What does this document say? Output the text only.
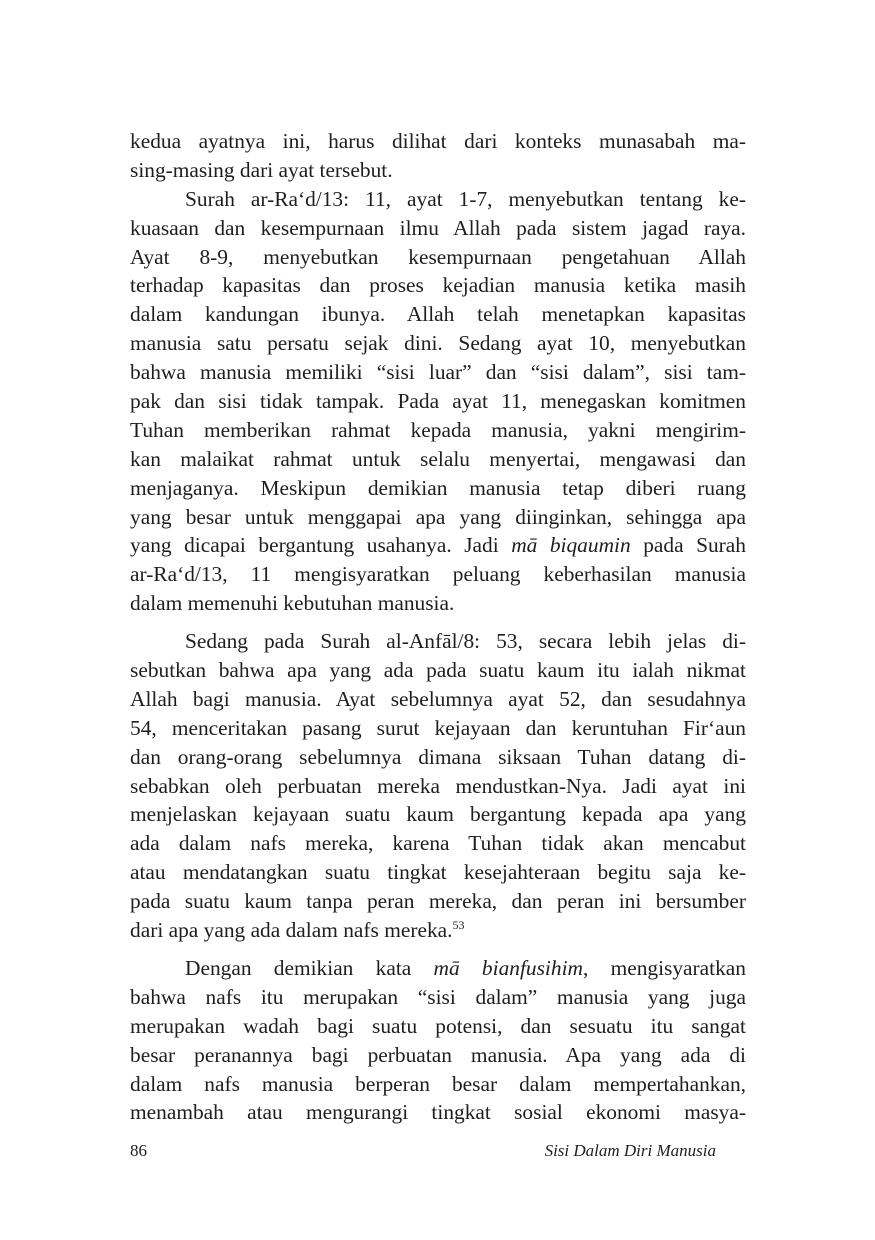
kedua ayatnya ini, harus dilihat dari konteks munasabah ma-
sing-masing dari ayat tersebut.
Surah ar-Ra‘d/13: 11, ayat 1-7, menyebutkan tentang ke-
kuasaan dan kesempurnaan ilmu Allah pada sistem jagad raya.
Ayat 8-9, menyebutkan kesempurnaan pengetahuan Allah
terhadap kapasitas dan proses kejadian manusia ketika masih
dalam kandungan ibunya. Allah telah menetapkan kapasitas
manusia satu persatu sejak dini. Sedang ayat 10, menyebutkan
bahwa manusia memiliki “sisi luar” dan “sisi dalam”, sisi tam-
pak dan sisi tidak tampak. Pada ayat 11, menegaskan komitmen
Tuhan memberikan rahmat kepada manusia, yakni mengirim-
kan malaikat rahmat untuk selalu menyertai, mengawasi dan
menjaganya. Meskipun demikian manusia tetap diberi ruang
yang besar untuk menggapai apa yang diinginkan, sehingga apa
yang dicapai bergantung usahanya. Jadi mā biqaumin pada Surah
ar-Ra‘d/13, 11 mengisyaratkan peluang keberhasilan manusia
dalam memenuhi kebutuhan manusia.
Sedang pada Surah al-Anfāl/8: 53, secara lebih jelas di-
sebutkan bahwa apa yang ada pada suatu kaum itu ialah nikmat
Allah bagi manusia. Ayat sebelumnya ayat 52, dan sesudahnya
54, menceritakan pasang surut kejayaan dan keruntuhan Fir‘aun
dan orang-orang sebelumnya dimana siksaan Tuhan datang di-
sebabkan oleh perbuatan mereka mendustkan-Nya. Jadi ayat ini
menjelaskan kejayaan suatu kaum bergantung kepada apa yang
ada dalam nafs mereka, karena Tuhan tidak akan mencabut
atau mendatangkan suatu tingkat kesejahteraan begitu saja ke-
pada suatu kaum tanpa peran mereka, dan peran ini bersumber
dari apa yang ada dalam nafs mereka.$^{53}$
Dengan demikian kata mā bianfusihim, mengisyaratkan
bahwa nafs itu merupakan “sisi dalam” manusia yang juga
merupakan wadah bagi suatu potensi, dan sesuatu itu sangat
besar peranannya bagi perbuatan manusia. Apa yang ada di
dalam nafs manusia berperan besar dalam mempertahankan,
menambah atau mengurangi tingkat sosial ekonomi masya-
86	Sisi Dalam Diri Manusia
